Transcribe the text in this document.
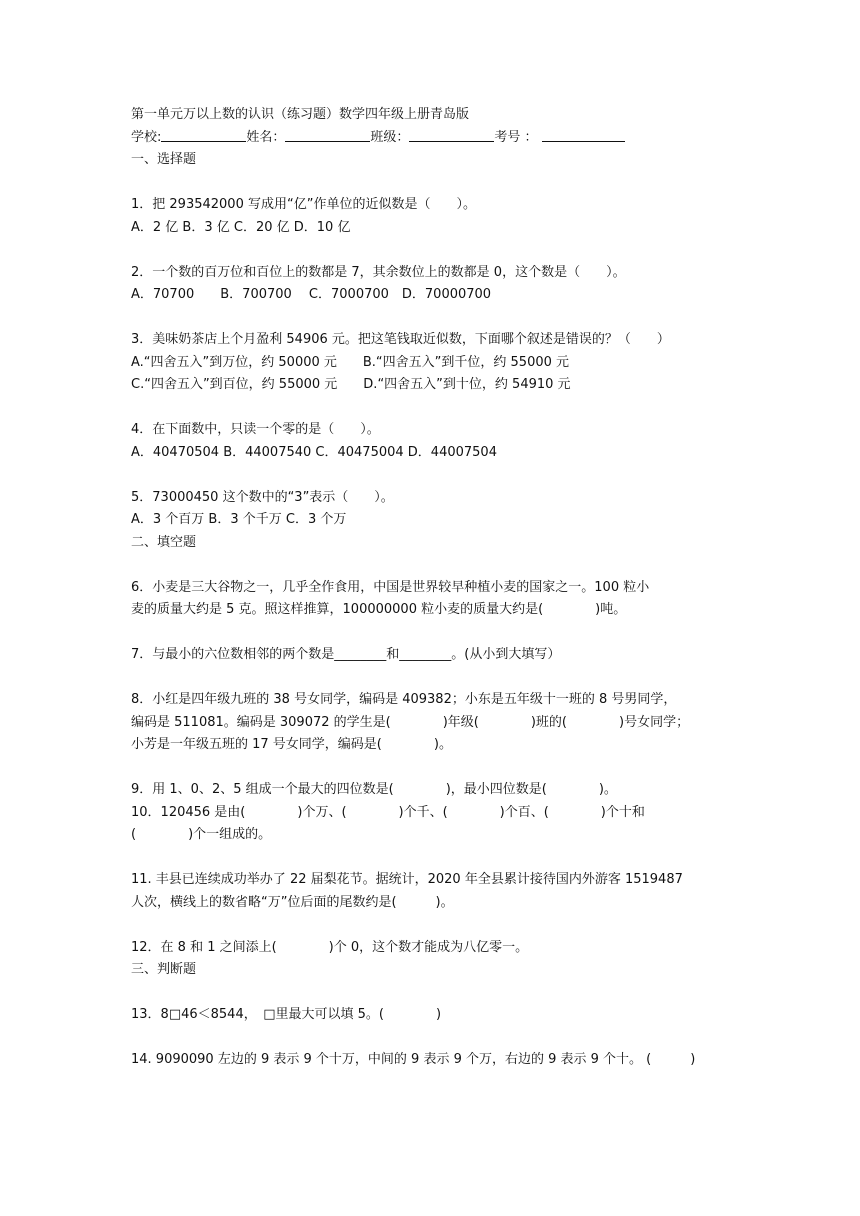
第一单元万以上数的认识（练习题）数学四年级上册青岛版
学校:	姓名：	班级：	考号 ：
一、选择题
1．把 293542000 写成用“亿”作单位的近似数是（　　）。
A．2 亿 B．3 亿 C．20 亿 D．10 亿
2．一个数的百万位和百位上的数都是 7，其余数位上的数都是 0，这个数是（　　）。
A．70700　　B．700700　 C．7000700　D．70000700
3．美味奶茶店上个月盈利 54906 元。把这笔钱取近似数，下面哪个叙述是错误的？（　　）
A.“四舍五入”到万位，约 50000 元　　B.“四舍五入”到千位，约 55000 元
C.“四舍五入”到百位，约 55000 元　　D.“四舍五入”到十位，约 54910 元
4．在下面数中，只读一个零的是（　　）。
A．40470504 B．44007540 C．40475004 D．44007504
5．73000450 这个数中的“3”表示（　　）。
A．3 个百万 B．3 个千万 C．3 个万
二、填空题
6．小麦是三大谷物之一，几乎全作食用，中国是世界较早种植小麦的国家之一。100 粒小
麦的质量大约是 5 克。照这样推算，100000000 粒小麦的质量大约是(　　　　)吨。
7．与最小的六位数相邻的两个数是________和________。(从小到大填写）
8．小红是四年级九班的 38 号女同学，编码是 409382；小东是五年级十一班的 8 号男同学，
编码是 511081。编码是 309072 的学生是(　　　　)年级(　　　　)班的(　　　　)号女同学；
小芳是一年级五班的 17 号女同学，编码是(　　　　)。
9．用 1、0、2、5 组成一个最大的四位数是(　　　　)，最小四位数是(　　　　)。
10．120456 是由(　　　　)个万、(　　　　)个千、(　　　　)个百、(　　　　)个十和
(　　　　)个一组成的。
11. 丰县已连续成功举办了 22 届梨花节。据统计，2020 年全县累计接待国内外游客 1519487
人次，横线上的数省略“万”位后面的尾数约是(　　　)。
12．在 8 和 1 之间添上(　　　　)个 0，这个数才能成为八亿零一。
三、判断题
13．8□46＜8544，　□里最大可以填 5。(　　　　)
14. 9090090 左边的 9 表示 9 个十万，中间的 9 表示 9 个万，右边的 9 表示 9 个十。 (　　　)
